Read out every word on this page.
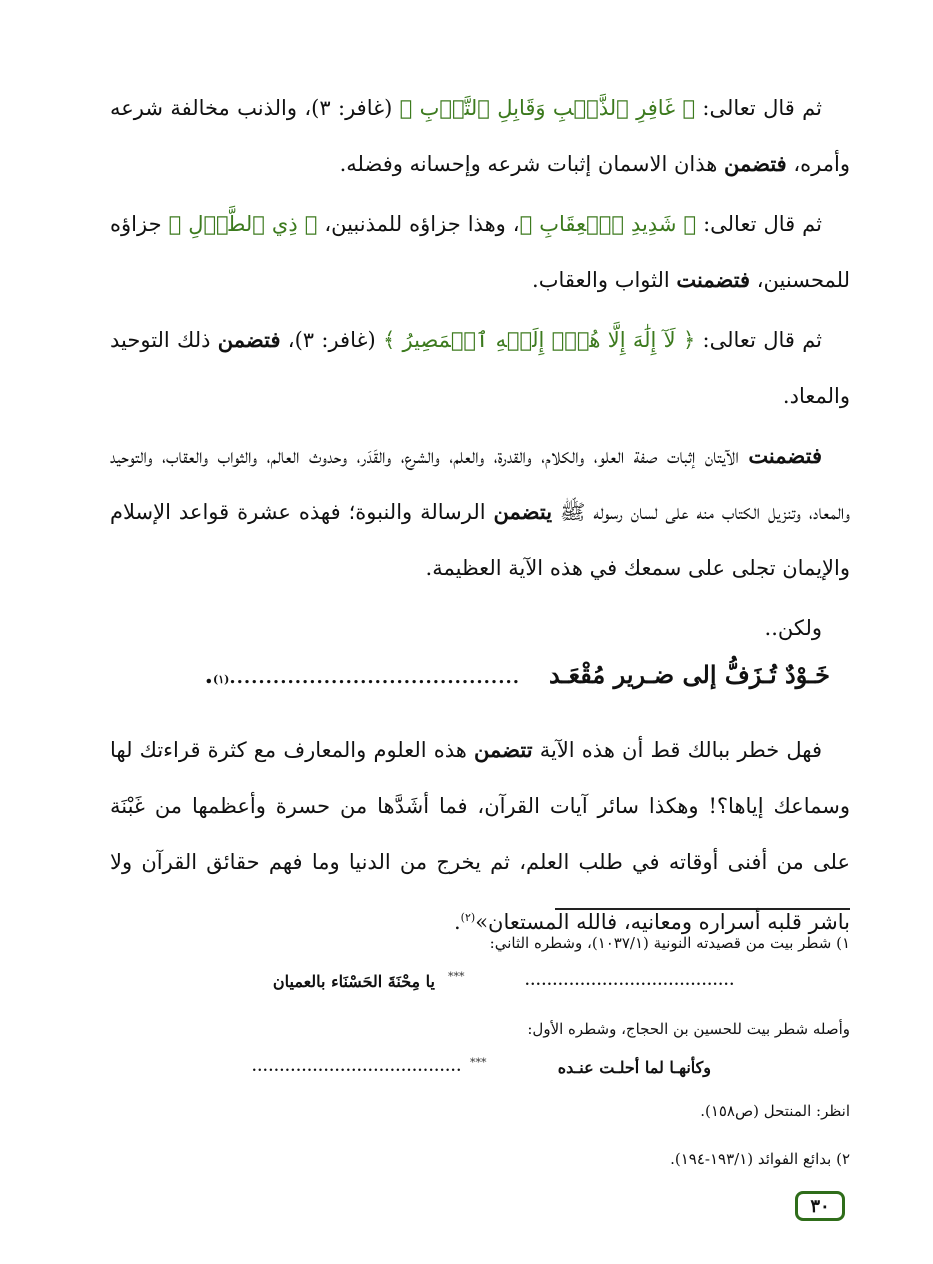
ثم قال تعالى: ﴿ غَافِرِ ٱلذَّنۢبِ وَقَابِلِ ٱلتَّوۡبِ ﴾ (غافر: ٣)، والذنب مخالفة شرعه وأمره، فتضمن هذان الاسمان إثبات شرعه وإحسانه وفضله.

ثم قال تعالى: ﴿ شَدِيدِ ٱلۡعِقَابِ ﴾، وهذا جزاؤه للمذنبين، ﴿ ذِي ٱلطَّوۡلِ ﴾ جزاؤه للمحسنين، فتضمنت الثواب والعقاب.

ثم قال تعالى: ﴿ لَآ إِلَٰهَ إِلَّا هُوَۖ إِلَيۡهِ ٱلۡمَصِيرُ ﴾ (غافر: ٣)، فتضمن ذلك التوحيد والمعاد.

فتضمنت الآيتان إثبات صفة العلو، والكلام، والقدرة، والعلم، والشرع، والقَدَر، وحدوث العالم، والثواب والعقاب، والتوحيد والمعاد، وتنزيل الكتاب منه على لسان رسوله ﷺ يتضمن الرسالة والنبوة؛ فهذه عشرة قواعد الإسلام والإيمان تجلى على سمعك في هذه الآية العظيمة.

ولكن..

خَـوْدٌ تُـزَفُّ إلى ضـرير مُقْعَـد
........................................
(١)
.

فهل خطر ببالك قط أن هذه الآية تتضمن هذه العلوم والمعارف مع كثرة قراءتك لها وسماعك إياها؟! وهكذا سائر آيات القرآن، فما أشَدَّها من حسرة وأعظمها من غَبْنَة على من أفنى أوقاته في طلب العلم، ثم يخرج من الدنيا وما فهم حقائق القرآن ولا باشر قلبه أسراره ومعانيه، فالله المستعان»$^{(٢)}$.

١) شطر بيت من قصيدته النونية (١٠٣٧/١)، وشطره الثاني:
يا مِحْنَةَ الحَسْنَاء بالعميان ***	......................................
وأصله شطر بيت للحسين بن الحجاج، وشطره الأول:
وكأنهـا لما أحلـت عنـده
***
......................................
انظر: المنتحل (ص١٥٨).
٢) بدائع الفوائد (١٩٣/١-١٩٤).
٣٠
